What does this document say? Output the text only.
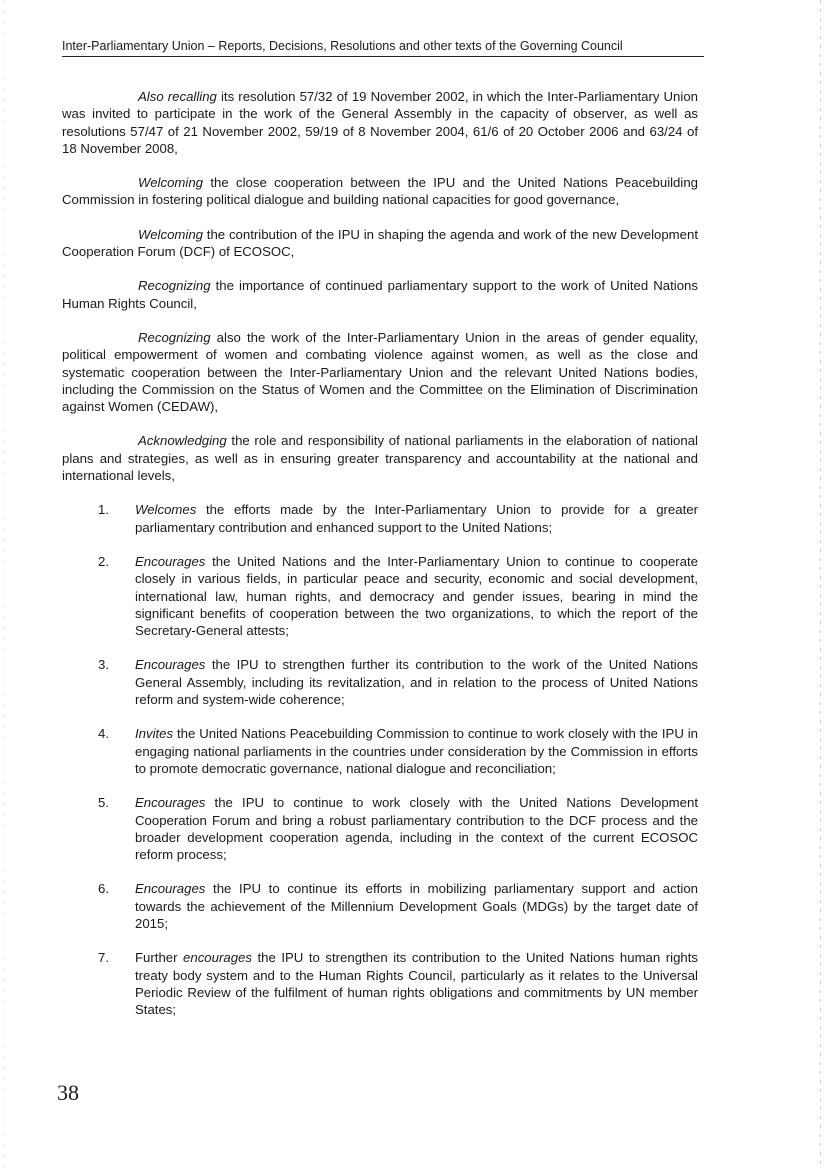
Inter-Parliamentary Union – Reports, Decisions, Resolutions and other texts of the Governing Council

Also recalling its resolution 57/32 of 19 November 2002, in which the Inter-Parliamentary Union was invited to participate in the work of the General Assembly in the capacity of observer, as well as resolutions 57/47 of 21 November 2002, 59/19 of 8 November 2004, 61/6 of 20 October 2006 and 63/24 of 18 November 2008,

Welcoming the close cooperation between the IPU and the United Nations Peacebuilding Commission in fostering political dialogue and building national capacities for good governance,

Welcoming the contribution of the IPU in shaping the agenda and work of the new Development Cooperation Forum (DCF) of ECOSOC,

Recognizing the importance of continued parliamentary support to the work of United Nations Human Rights Council,

Recognizing also the work of the Inter-Parliamentary Union in the areas of gender equality, political empowerment of women and combating violence against women, as well as the close and systematic cooperation between the Inter-Parliamentary Union and the relevant United Nations bodies, including the Commission on the Status of Women and the Committee on the Elimination of Discrimination against Women (CEDAW),

Acknowledging the role and responsibility of national parliaments in the elaboration of national plans and strategies, as well as in ensuring greater transparency and accountability at the national and international levels,

1. Welcomes the efforts made by the Inter-Parliamentary Union to provide for a greater parliamentary contribution and enhanced support to the United Nations;
2. Encourages the United Nations and the Inter-Parliamentary Union to continue to cooperate closely in various fields, in particular peace and security, economic and social development, international law, human rights, and democracy and gender issues, bearing in mind the significant benefits of cooperation between the two organizations, to which the report of the Secretary-General attests;
3. Encourages the IPU to strengthen further its contribution to the work of the United Nations General Assembly, including its revitalization, and in relation to the process of United Nations reform and system-wide coherence;
4. Invites the United Nations Peacebuilding Commission to continue to work closely with the IPU in engaging national parliaments in the countries under consideration by the Commission in efforts to promote democratic governance, national dialogue and reconciliation;
5. Encourages the IPU to continue to work closely with the United Nations Development Cooperation Forum and bring a robust parliamentary contribution to the DCF process and the broader development cooperation agenda, including in the context of the current ECOSOC reform process;
6. Encourages the IPU to continue its efforts in mobilizing parliamentary support and action towards the achievement of the Millennium Development Goals (MDGs) by the target date of 2015;
7. Further encourages the IPU to strengthen its contribution to the United Nations human rights treaty body system and to the Human Rights Council, particularly as it relates to the Universal Periodic Review of the fulfilment of human rights obligations and commitments by UN member States;
38
